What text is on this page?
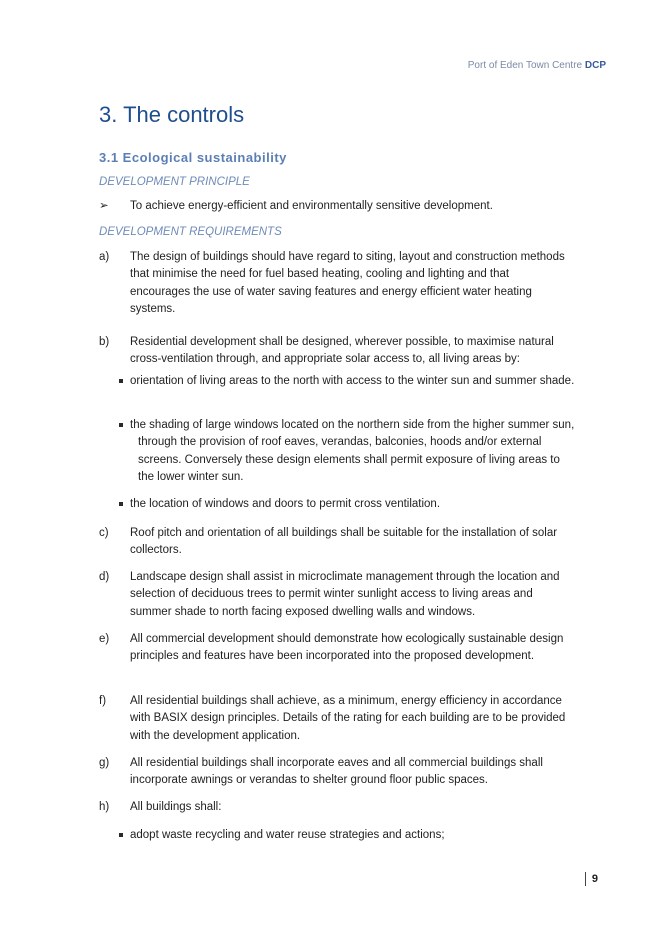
Port of Eden Town Centre DCP
3. The controls
3.1 Ecological sustainability
DEVELOPMENT PRINCIPLE
➢ To achieve energy-efficient and environmentally sensitive development.
DEVELOPMENT REQUIREMENTS
a) The design of buildings should have regard to siting, layout and construction methods that minimise the need for fuel based heating, cooling and lighting and that encourages the use of water saving features and energy efficient water heating systems.
b) Residential development shall be designed, wherever possible, to maximise natural cross-ventilation through, and appropriate solar access to, all living areas by:
orientation of living areas to the north with access to the winter sun and summer shade.
the shading of large windows located on the northern side from the higher summer sun, through the provision of roof eaves, verandas, balconies, hoods and/or external screens. Conversely these design elements shall permit exposure of living areas to the lower winter sun.
the location of windows and doors to permit cross ventilation.
c) Roof pitch and orientation of all buildings shall be suitable for the installation of solar collectors.
d) Landscape design shall assist in microclimate management through the location and selection of deciduous trees to permit winter sunlight access to living areas and summer shade to north facing exposed dwelling walls and windows.
e) All commercial development should demonstrate how ecologically sustainable design principles and features have been incorporated into the proposed development.
f) All residential buildings shall achieve, as a minimum, energy efficiency in accordance with BASIX design principles. Details of the rating for each building are to be provided with the development application.
g) All residential buildings shall incorporate eaves and all commercial buildings shall incorporate awnings or verandas to shelter ground floor public spaces.
h) All buildings shall:
adopt waste recycling and water reuse strategies and actions;
9
